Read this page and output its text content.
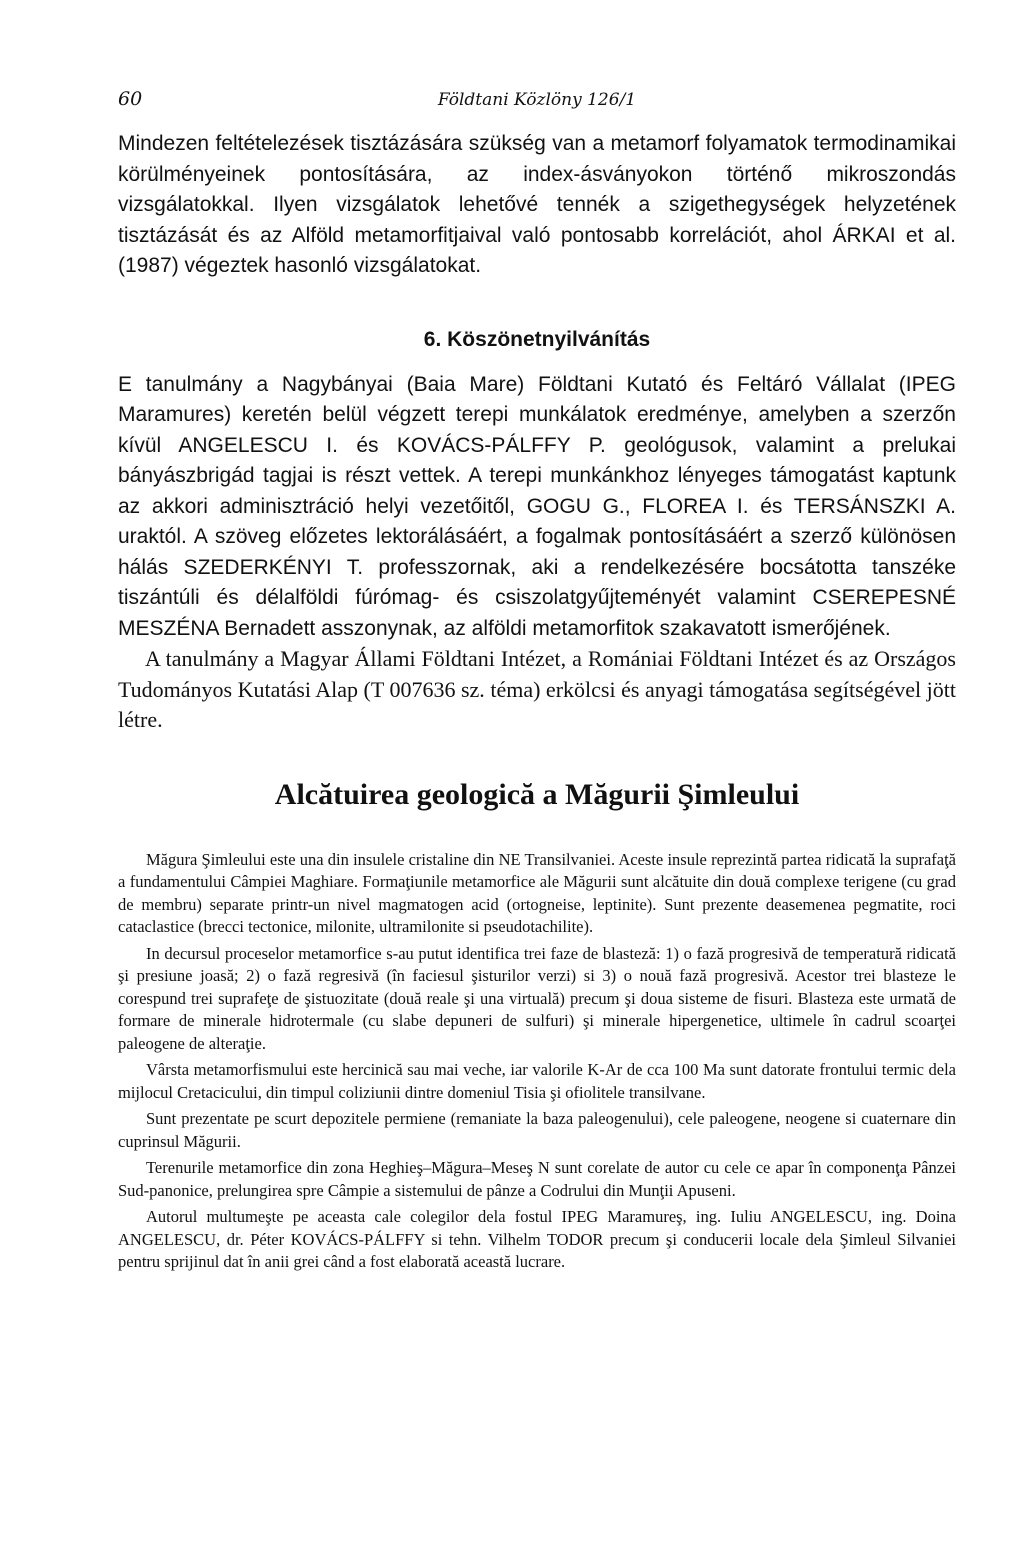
60	Földtani Közlöny 126/1

Mindezen feltételezések tisztázására szükség van a metamorf folyamatok termodinamikai körülményeinek pontosítására, az index-ásványokon történő mikroszondás vizsgálatokkal. Ilyen vizsgálatok lehetővé tennék a szigethegységek helyzetének tisztázását és az Alföld metamorfitjaival való pontosabb korrelációt, ahol ÁRKAI et al. (1987) végeztek hasonló vizsgálatokat.

6. Köszönetnyilvánítás

E tanulmány a Nagybányai (Baia Mare) Földtani Kutató és Feltáró Vállalat (IPEG Maramures) keretén belül végzett terepi munkálatok eredménye, amelyben a szerzőn kívül ANGELESCU I. és KOVÁCS-PÁLFFY P. geológusok, valamint a prelukai bányászbrigád tagjai is részt vettek. A terepi munkánkhoz lényeges támogatást kaptunk az akkori adminisztráció helyi vezetőitől, GOGU G., FLOREA I. és TERSÁNSZKI A. uraktól. A szöveg előzetes lektorálásáért, a fogalmak pontosításáért a szerző különösen hálás SZEDERKÉNYI T. professzornak, aki a rendelkezésére bocsátotta tanszéke tiszántúli és délalföldi fúrómag- és csiszolatgyűjteményét valamint CSEREPESNÉ MESZÉNA Bernadett asszonynak, az alföldi metamorfitok szakavatott ismerőjének.

A tanulmány a Magyar Állami Földtani Intézet, a Romániai Földtani Intézet és az Országos Tudományos Kutatási Alap (T 007636 sz. téma) erkölcsi és anyagi támogatása segítségével jött létre.

Alcătuirea geologică a Măgurii Şimleului

Măgura Şimleului este una din insulele cristaline din NE Transilvaniei. Aceste insule reprezintă partea ridicată la suprafaţă a fundamentului Câmpiei Maghiare. Formaţiunile metamorfice ale Măgurii sunt alcătuite din două complexe terigene (cu grad de membru) separate printr-un nivel magmatogen acid (ortogneise, leptinite). Sunt prezente deasemenea pegmatite, roci cataclastice (brecci tectonice, milonite, ultramilonite si pseudotachilite).

In decursul proceselor metamorfice s-au putut identifica trei faze de blasteză: 1) o fază progresivă de temperatură ridicată şi presiune joasă; 2) o fază regresivă (în faciesul şisturilor verzi) si 3) o nouă fază progresivă. Acestor trei blasteze le corespund trei suprafeţe de şistuozitate (două reale şi una virtuală) precum şi doua sisteme de fisuri. Blasteza este urmată de formare de minerale hidrotermale (cu slabe depuneri de sulfuri) şi minerale hipergenetice, ultimele în cadrul scoarţei paleogene de alteraţie.

Vârsta metamorfismului este hercinică sau mai veche, iar valorile K-Ar de cca 100 Ma sunt datorate frontului termic dela mijlocul Cretacicului, din timpul coliziunii dintre domeniul Tisia şi ofiolitele transilvane.

Sunt prezentate pe scurt depozitele permiene (remaniate la baza paleogenului), cele paleogene, neogene si cuaternare din cuprinsul Măgurii.

Terenurile metamorfice din zona Heghieş–Măgura–Meseş N sunt corelate de autor cu cele ce apar în componenţa Pânzei Sud-panonice, prelungirea spre Câmpie a sistemului de pânze a Codrului din Munţii Apuseni.

Autorul multumeşte pe aceasta cale colegilor dela fostul IPEG Maramureş, ing. Iuliu ANGELESCU, ing. Doina ANGELESCU, dr. Péter KOVÁCS-PÁLFFY si tehn. Vilhelm TODOR precum şi conducerii locale dela Şimleul Silvaniei pentru sprijinul dat în anii grei când a fost elaborată această lucrare.
